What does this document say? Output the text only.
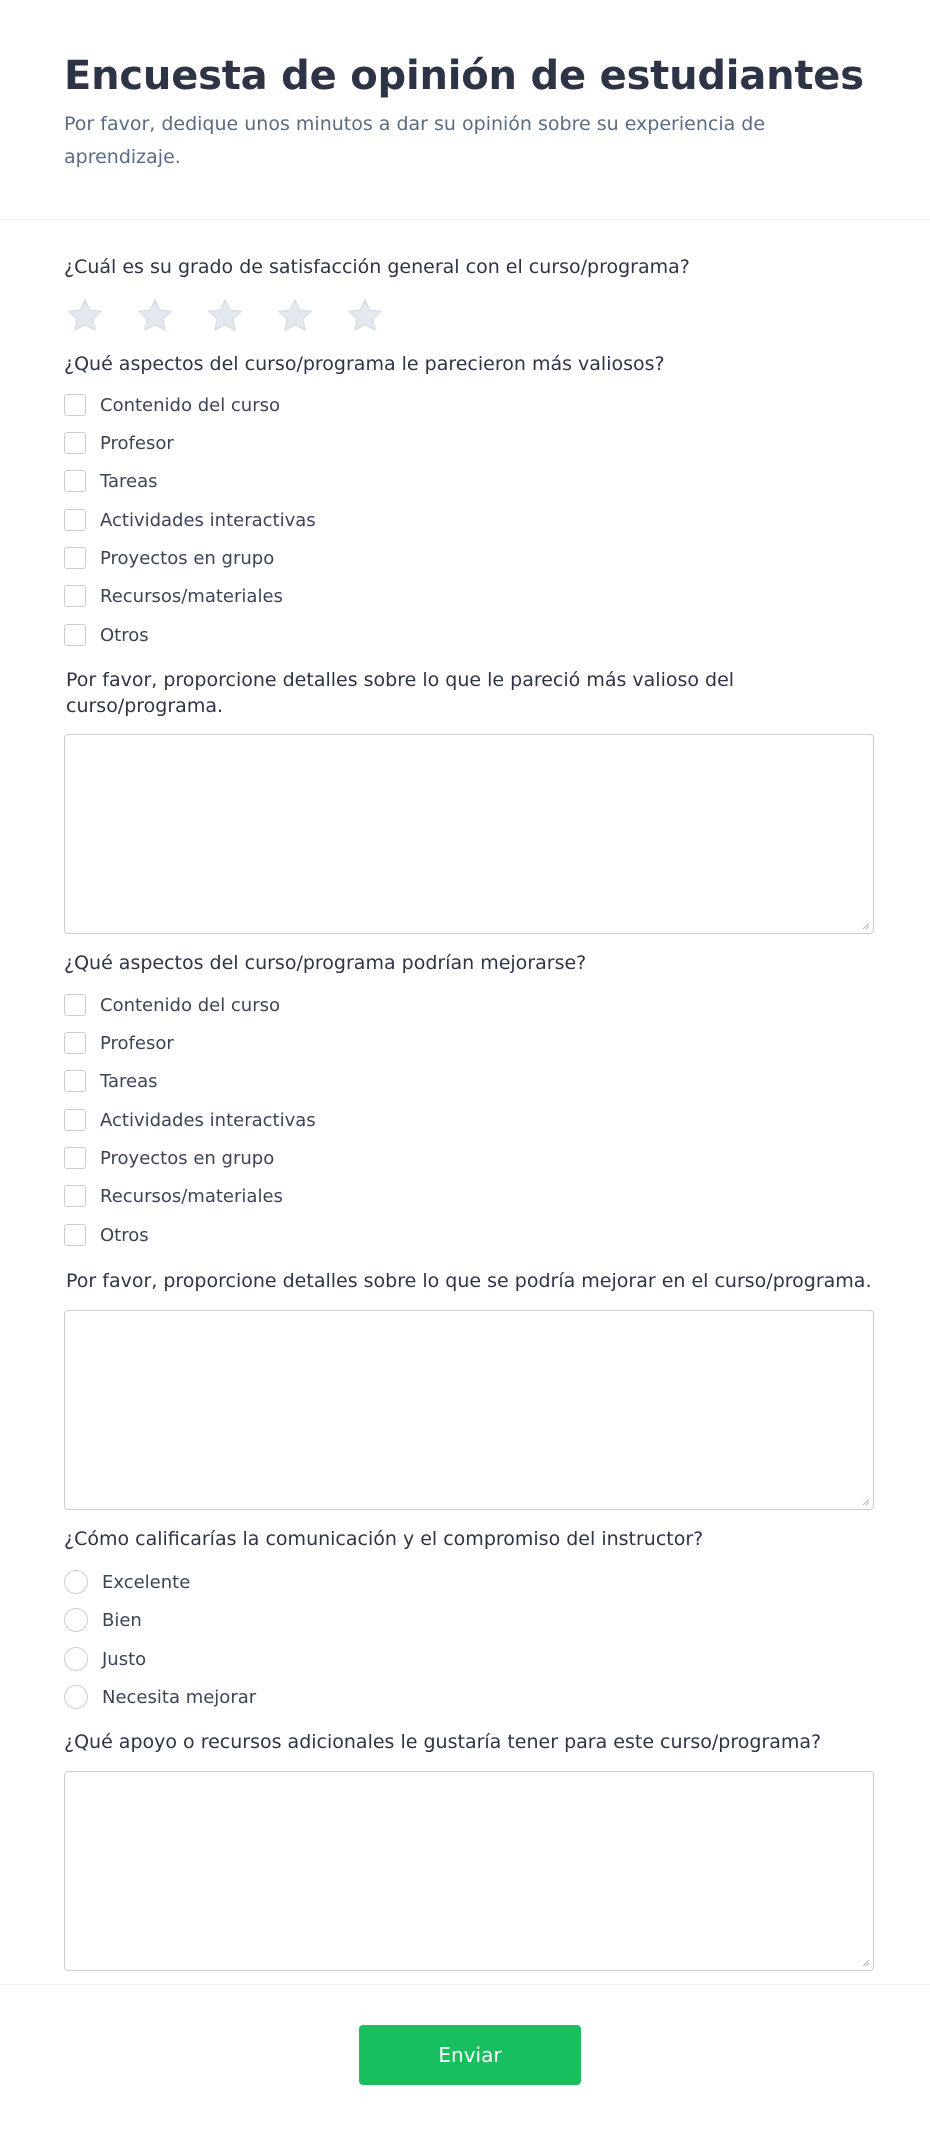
Encuesta de opinión de estudiantes
Por favor, dedique unos minutos a dar su opinión sobre su experiencia de aprendizaje.
¿Cuál es su grado de satisfacción general con el curso/programa?
¿Qué aspectos del curso/programa le parecieron más valiosos?
Contenido del curso
Profesor
Tareas
Actividades interactivas
Proyectos en grupo
Recursos/materiales
Otros
Por favor, proporcione detalles sobre lo que le pareció más valioso del curso/programa.
¿Qué aspectos del curso/programa podrían mejorarse?
Contenido del curso
Profesor
Tareas
Actividades interactivas
Proyectos en grupo
Recursos/materiales
Otros
Por favor, proporcione detalles sobre lo que se podría mejorar en el curso/programa.
¿Cómo calificarías la comunicación y el compromiso del instructor?
Excelente
Bien
Justo
Necesita mejorar
¿Qué apoyo o recursos adicionales le gustaría tener para este curso/programa?
Enviar
